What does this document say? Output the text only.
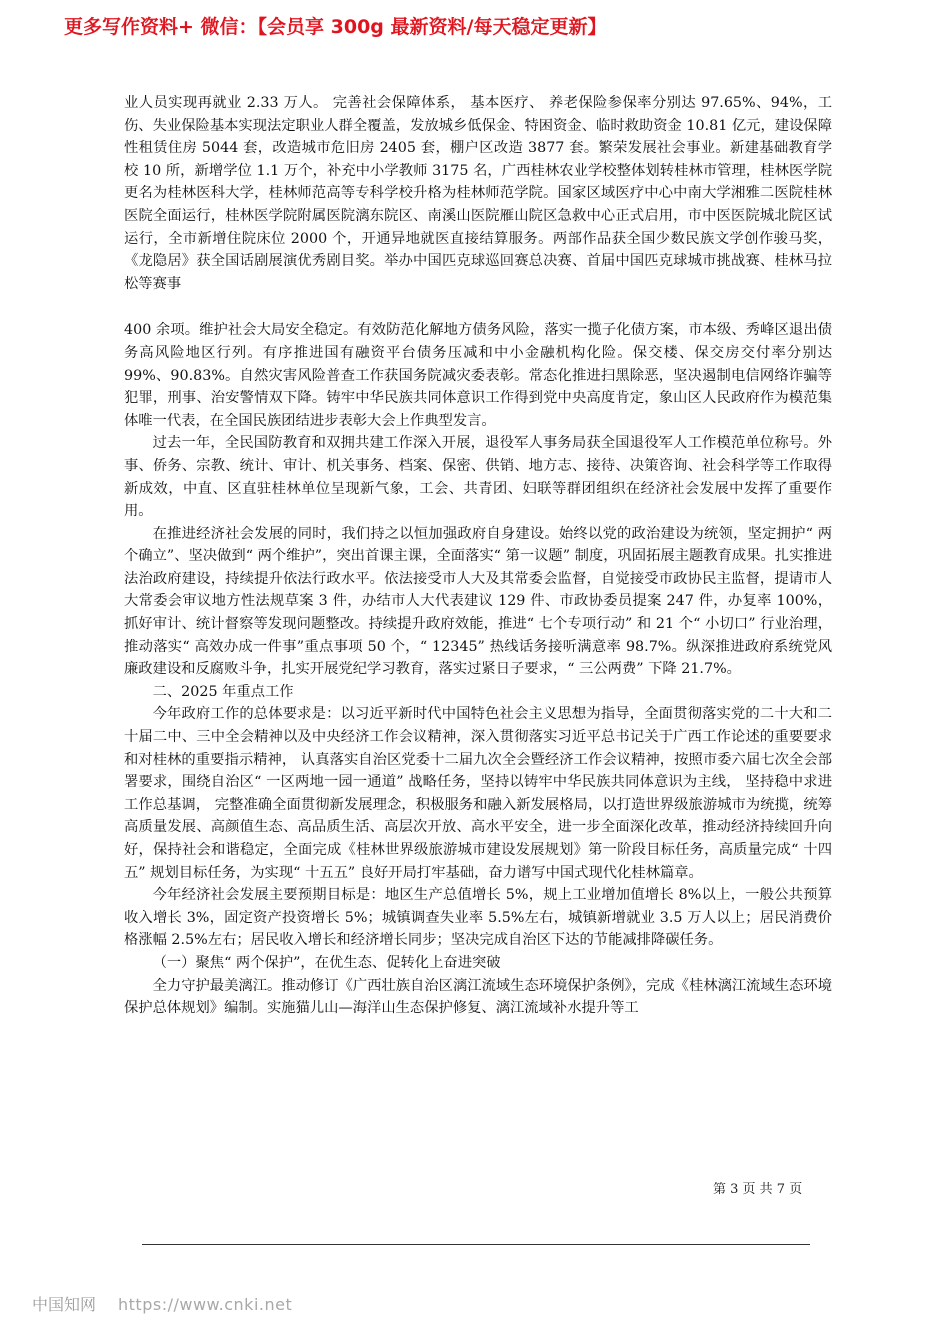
更多写作资料+ 微信：【会员享 300g 最新资料/每天稳定更新】

业人员实现再就业 2.33 万人。 完善社会保障体系， 基本医疗、 养老保险参保率分别达 97.65%、94%，工伤、失业保险基本实现法定职业人群全覆盖，发放城乡低保金、特困资金、临时救助资金 10.81 亿元，建设保障性租赁住房 5044 套，改造城市危旧房 2405 套，棚户区改造 3877 套。繁荣发展社会事业。新建基础教育学校 10 所，新增学位 1.1 万个，补充中小学教师 3175 名，广西桂林农业学校整体划转桂林市管理，桂林医学院更名为桂林医科大学，桂林师范高等专科学校升格为桂林师范学院。国家区域医疗中心中南大学湘雅二医院桂林医院全面运行，桂林医学院附属医院漓东院区、南溪山医院雁山院区急救中心正式启用，市中医医院城北院区试运行，全市新增住院床位 2000 个，开通异地就医直接结算服务。两部作品获全国少数民族文学创作骏马奖，《龙隐居》获全国话剧展演优秀剧目奖。举办中国匹克球巡回赛总决赛、首届中国匹克球城市挑战赛、桂林马拉松等赛事

400 余项。维护社会大局安全稳定。有效防范化解地方债务风险，落实一揽子化债方案，市本级、秀峰区退出债务高风险地区行列。有序推进国有融资平台债务压减和中小金融机构化险。保交楼、保交房交付率分别达 99%、90.83%。自然灾害风险普查工作获国务院减灾委表彰。常态化推进扫黑除恶，坚决遏制电信网络诈骗等犯罪，刑事、治安警情双下降。铸牢中华民族共同体意识工作得到党中央高度肯定，象山区人民政府作为模范集体唯一代表，在全国民族团结进步表彰大会上作典型发言。

过去一年，全民国防教育和双拥共建工作深入开展，退役军人事务局获全国退役军人工作模范单位称号。外事、侨务、宗教、统计、审计、机关事务、档案、保密、供销、地方志、接待、决策咨询、社会科学等工作取得新成效，中直、区直驻桂林单位呈现新气象，工会、共青团、妇联等群团组织在经济社会发展中发挥了重要作用。

在推进经济社会发展的同时，我们持之以恒加强政府自身建设。始终以党的政治建设为统领，坚定拥护“ 两个确立”、坚决做到“ 两个维护”，突出首课主课，全面落实“ 第一议题” 制度，巩固拓展主题教育成果。扎实推进法治政府建设，持续提升依法行政水平。依法接受市人大及其常委会监督，自觉接受市政协民主监督，提请市人大常委会审议地方性法规草案 3 件，办结市人大代表建议 129 件、市政协委员提案 247 件，办复率 100%，抓好审计、统计督察等发现问题整改。持续提升政府效能，推进“ 七个专项行动” 和 21 个“ 小切口” 行业治理，推动落实“ 高效办成一件事”重点事项 50 个，“ 12345” 热线话务接听满意率 98.7%。纵深推进政府系统党风廉政建设和反腐败斗争，扎实开展党纪学习教育，落实过紧日子要求，“ 三公两费” 下降 21.7%。

二、2025 年重点工作

今年政府工作的总体要求是：以习近平新时代中国特色社会主义思想为指导，全面贯彻落实党的二十大和二十届二中、三中全会精神以及中央经济工作会议精神，深入贯彻落实习近平总书记关于广西工作论述的重要要求和对桂林的重要指示精神， 认真落实自治区党委十二届九次全会暨经济工作会议精神，按照市委六届七次全会部署要求，围绕自治区“ 一区两地一园一通道” 战略任务，坚持以铸牢中华民族共同体意识为主线， 坚持稳中求进工作总基调， 完整准确全面贯彻新发展理念，积极服务和融入新发展格局，以打造世界级旅游城市为统揽，统筹高质量发展、高颜值生态、高品质生活、高层次开放、高水平安全，进一步全面深化改革，推动经济持续回升向好，保持社会和谐稳定，全面完成《桂林世界级旅游城市建设发展规划》第一阶段目标任务，高质量完成“ 十四五” 规划目标任务，为实现“ 十五五” 良好开局打牢基础，奋力谱写中国式现代化桂林篇章。

今年经济社会发展主要预期目标是：地区生产总值增长 5%，规上工业增加值增长 8%以上，一般公共预算收入增长 3%，固定资产投资增长 5%；城镇调查失业率 5.5%左右，城镇新增就业 3.5 万人以上；居民消费价格涨幅 2.5%左右；居民收入增长和经济增长同步；坚决完成自治区下达的节能减排降碳任务。

（一）聚焦“ 两个保护”，在优生态、促转化上奋进突破

全力守护最美漓江。推动修订《广西壮族自治区漓江流域生态环境保护条例》，完成《桂林漓江流域生态环境保护总体规划》编制。实施猫儿山—海洋山生态保护修复、漓江流域补水提升等工

第 3 页 共 7 页
中国知网 https://www.cnki.net
